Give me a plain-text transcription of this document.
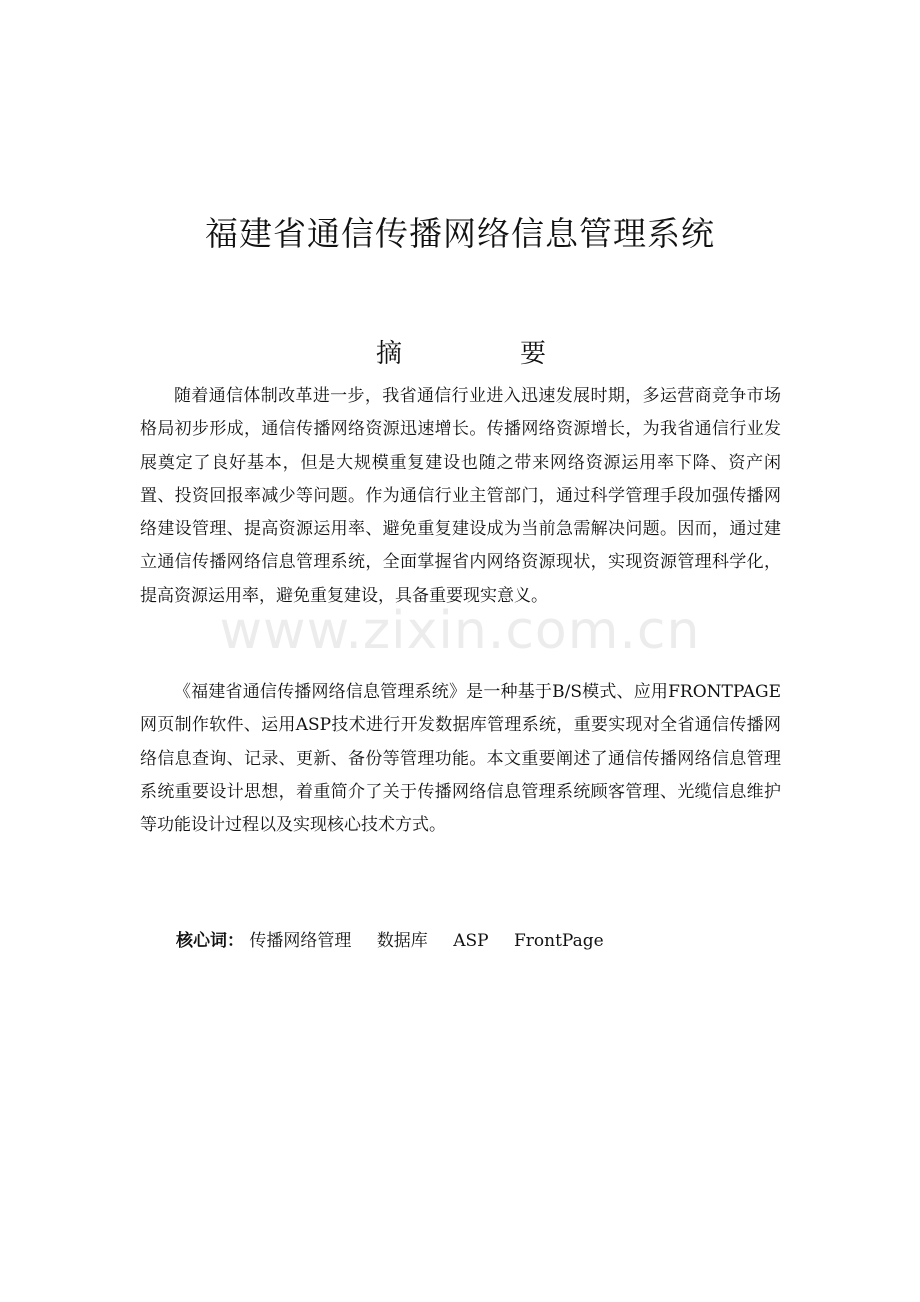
福建省通信传播网络信息管理系统
摘	要

随着通信体制改革进一步，我省通信行业进入迅速发展时期，多运营商竞争市场格局初步形成，通信传播网络资源迅速增长。传播网络资源增长，为我省通信行业发展奠定了良好基本，但是大规模重复建设也随之带来网络资源运用率下降、资产闲置、投资回报率减少等问题。作为通信行业主管部门，通过科学管理手段加强传播网络建设管理、提高资源运用率、避免重复建设成为当前急需解决问题。因而，通过建立通信传播网络信息管理系统，全面掌握省内网络资源现状，实现资源管理科学化，提高资源运用率，避免重复建设，具备重要现实意义。

《福建省通信传播网络信息管理系统》是一种基于B/S模式、应用FRONTPAGE网页制作软件、运用ASP技术进行开发数据库管理系统，重要实现对全省通信传播网络信息查询、记录、更新、备份等管理功能。本文重要阐述了通信传播网络信息管理系统重要设计思想，着重简介了关于传播网络信息管理系统顾客管理、光缆信息维护等功能设计过程以及实现核心技术方式。

核心词： 传播网络管理 数据库 ASP FrontPage
www.zixin.com.cn
